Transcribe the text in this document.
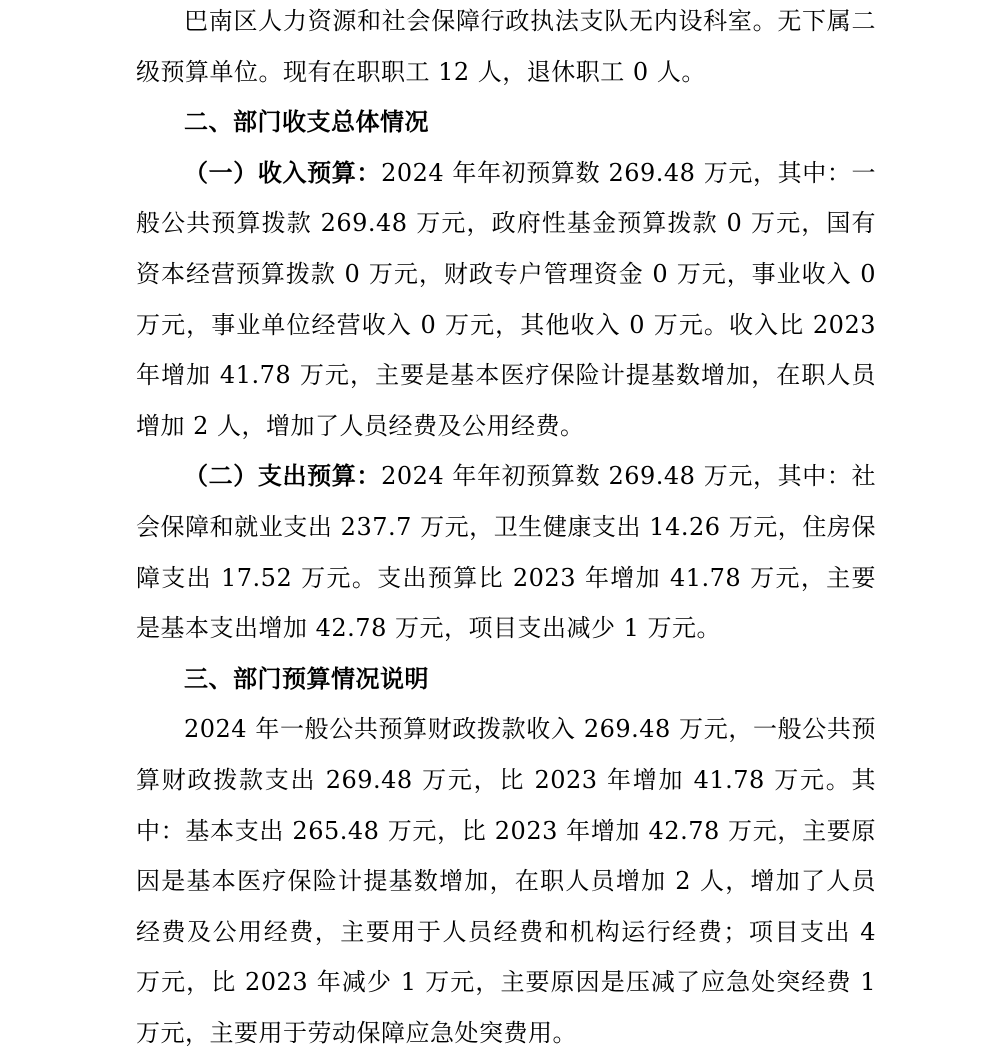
巴南区人力资源和社会保障行政执法支队无内设科室。无下属二级预算单位。现有在职职工 12 人，退休职工 0 人。

二、部门收支总体情况

（一）收入预算：2024 年年初预算数 269.48 万元，其中：一般公共预算拨款 269.48 万元，政府性基金预算拨款 0 万元，国有资本经营预算拨款 0 万元，财政专户管理资金 0 万元，事业收入 0 万元，事业单位经营收入 0 万元，其他收入 0 万元。收入比 2023 年增加 41.78 万元，主要是基本医疗保险计提基数增加，在职人员增加 2 人，增加了人员经费及公用经费。

（二）支出预算：2024 年年初预算数 269.48 万元，其中：社会保障和就业支出 237.7 万元，卫生健康支出 14.26 万元，住房保障支出 17.52 万元。支出预算比 2023 年增加 41.78 万元，主要是基本支出增加 42.78 万元，项目支出减少 1 万元。

三、部门预算情况说明

2024 年一般公共预算财政拨款收入 269.48 万元，一般公共预算财政拨款支出 269.48 万元，比 2023 年增加 41.78 万元。其中：基本支出 265.48 万元，比 2023 年增加 42.78 万元，主要原因是基本医疗保险计提基数增加，在职人员增加 2 人，增加了人员经费及公用经费，主要用于人员经费和机构运行经费；项目支出 4 万元，比 2023 年减少 1 万元，主要原因是压减了应急处突经费 1 万元，主要用于劳动保障应急处突费用。
